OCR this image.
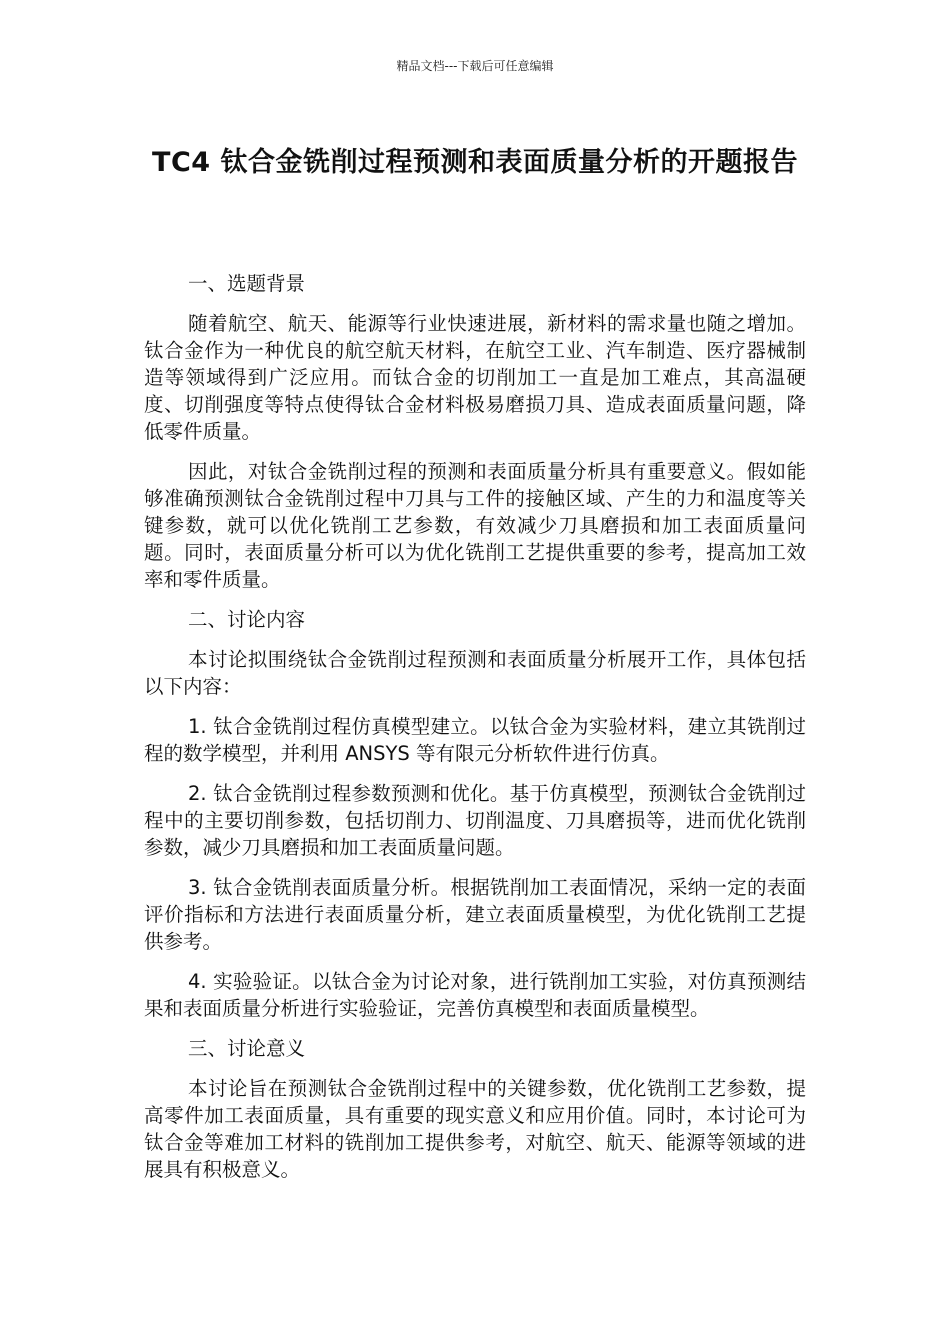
精品文档---下载后可任意编辑
TC4 钛合金铣削过程预测和表面质量分析的开题报告
一、选题背景

随着航空、航天、能源等行业快速进展，新材料的需求量也随之增加。钛合金作为一种优良的航空航天材料，在航空工业、汽车制造、医疗器械制造等领域得到广泛应用。而钛合金的切削加工一直是加工难点，其高温硬度、切削强度等特点使得钛合金材料极易磨损刀具、造成表面质量问题，降低零件质量。

因此，对钛合金铣削过程的预测和表面质量分析具有重要意义。假如能够准确预测钛合金铣削过程中刀具与工件的接触区域、产生的力和温度等关键参数，就可以优化铣削工艺参数，有效减少刀具磨损和加工表面质量问题。同时，表面质量分析可以为优化铣削工艺提供重要的参考，提高加工效率和零件质量。

二、讨论内容

本讨论拟围绕钛合金铣削过程预测和表面质量分析展开工作，具体包括以下内容：

1. 钛合金铣削过程仿真模型建立。以钛合金为实验材料，建立其铣削过程的数学模型，并利用 ANSYS 等有限元分析软件进行仿真。

2. 钛合金铣削过程参数预测和优化。基于仿真模型，预测钛合金铣削过程中的主要切削参数，包括切削力、切削温度、刀具磨损等，进而优化铣削参数，减少刀具磨损和加工表面质量问题。

3. 钛合金铣削表面质量分析。根据铣削加工表面情况，采纳一定的表面评价指标和方法进行表面质量分析，建立表面质量模型，为优化铣削工艺提供参考。

4. 实验验证。以钛合金为讨论对象，进行铣削加工实验，对仿真预测结果和表面质量分析进行实验验证，完善仿真模型和表面质量模型。

三、讨论意义

本讨论旨在预测钛合金铣削过程中的关键参数，优化铣削工艺参数，提高零件加工表面质量，具有重要的现实意义和应用价值。同时，本讨论可为钛合金等难加工材料的铣削加工提供参考，对航空、航天、能源等领域的进展具有积极意义。
